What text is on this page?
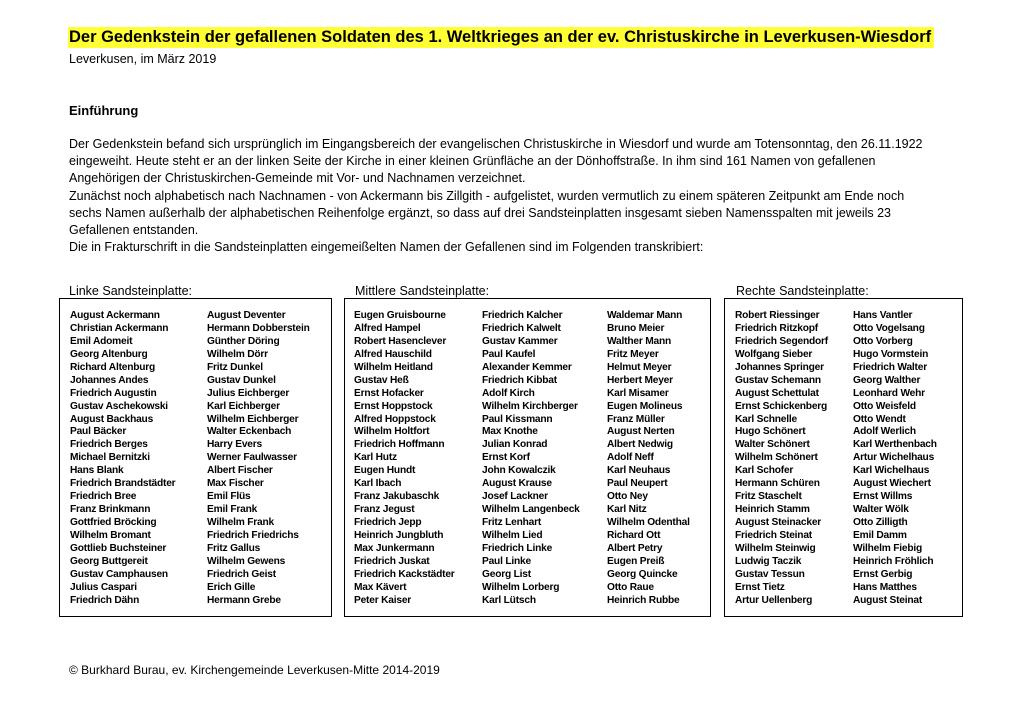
Der Gedenkstein der gefallenen Soldaten des 1. Weltkrieges an der ev. Christuskirche in Leverkusen-Wiesdorf
Leverkusen, im März 2019
Einführung

Der Gedenkstein befand sich ursprünglich im Eingangsbereich der evangelischen Christuskirche in Wiesdorf und wurde am Totensonntag, den 26.11.1922

eingeweiht. Heute steht er an der linken Seite der Kirche in einer kleinen Grünfläche an der Dönhoffstraße. In ihm sind 161 Namen von gefallenen

Angehörigen der Christuskirchen-Gemeinde mit Vor- und Nachnamen verzeichnet.

Zunächst noch alphabetisch nach Nachnamen - von Ackermann bis Zillgith - aufgelistet, wurden vermutlich zu einem späteren Zeitpunkt am Ende noch

sechs Namen außerhalb der alphabetischen Reihenfolge ergänzt, so dass auf drei Sandsteinplatten insgesamt sieben Namensspalten mit jeweils 23

Gefallenen entstanden.

Die in Frakturschrift in die Sandsteinplatten eingemeißelten Namen der Gefallenen sind im Folgenden transkribiert:

Linke Sandsteinplatte:
August Ackermann
Christian Ackermann
Emil Adomeit
Georg Altenburg
Richard Altenburg
Johannes Andes
Friedrich Augustin
Gustav Aschekowski
August Backhaus
Paul Bäcker
Friedrich Berges
Michael Bernitzki
Hans Blank
Friedrich Brandstädter
Friedrich Bree
Franz Brinkmann
Gottfried Bröcking
Wilhelm Bromant
Gottlieb Buchsteiner
Georg Buttgereit
Gustav Camphausen
Julius Caspari
Friedrich Dähn
August Deventer
Hermann Dobberstein
Günther Döring
Wilhelm Dörr
Fritz Dunkel
Gustav Dunkel
Julius Eichberger
Karl Eichberger
Wilhelm Eichberger
Walter Eckenbach
Harry Evers
Werner Faulwasser
Albert Fischer
Max Fischer
Emil Flüs
Emil Frank
Wilhelm Frank
Friedrich Friedrichs
Fritz Gallus
Wilhelm Gewens
Friedrich Geist
Erich Gille
Hermann Grebe
Mittlere Sandsteinplatte:
Eugen Gruisbourne
Alfred Hampel
Robert Hasenclever
Alfred Hauschild
Wilhelm Heitland
Gustav Heß
Ernst Hofacker
Ernst Hoppstock
Alfred Hoppstock
Wilhelm Holtfort
Friedrich Hoffmann
Karl Hutz
Eugen Hundt
Karl Ibach
Franz Jakubaschk
Franz Jegust
Friedrich Jepp
Heinrich Jungbluth
Max Junkermann
Friedrich Juskat
Friedrich Kackstädter
Max Kävert
Peter Kaiser
Friedrich Kalcher
Friedrich Kalwelt
Gustav Kammer
Paul Kaufel
Alexander Kemmer
Friedrich Kibbat
Adolf Kirch
Wilhelm Kirchberger
Paul Kissmann
Max Knothe
Julian Konrad
Ernst Korf
John Kowalczik
August Krause
Josef Lackner
Wilhelm Langenbeck
Fritz Lenhart
Wilhelm Lied
Friedrich Linke
Paul Linke
Georg List
Wilhelm Lorberg
Karl Lütsch
Waldemar Mann
Bruno Meier
Walther Mann
Fritz Meyer
Helmut Meyer
Herbert Meyer
Karl Misamer
Eugen Molineus
Franz Müller
August Nerten
Albert Nedwig
Adolf Neff
Karl Neuhaus
Paul Neupert
Otto Ney
Karl Nitz
Wilhelm Odenthal
Richard Ott
Albert Petry
Eugen Preiß
Georg Quincke
Otto Raue
Heinrich Rubbe
Rechte Sandsteinplatte:
Robert Riessinger
Friedrich Ritzkopf
Friedrich Segendorf
Wolfgang Sieber
Johannes Springer
Gustav Schemann
August Schettulat
Ernst Schickenberg
Karl Schnelle
Hugo Schönert
Walter Schönert
Wilhelm Schönert
Karl Schofer
Hermann Schüren
Fritz Staschelt
Heinrich Stamm
August Steinacker
Friedrich Steinat
Wilhelm Steinwig
Ludwig Taczik
Gustav Tessun
Ernst Tietz
Artur Uellenberg
Hans Vantler
Otto Vogelsang
Otto Vorberg
Hugo Vormstein
Friedrich Walter
Georg Walther
Leonhard Wehr
Otto Weisfeld
Otto Wendt
Adolf Werlich
Karl Werthenbach
Artur Wichelhaus
Karl Wichelhaus
August Wiechert
Ernst Willms
Walter Wölk
Otto Zilligth
Emil Damm
Wilhelm Fiebig
Heinrich Fröhlich
Ernst Gerbig
Hans Matthes
August Steinat
© Burkhard Burau, ev. Kirchengemeinde Leverkusen-Mitte 2014-2019
